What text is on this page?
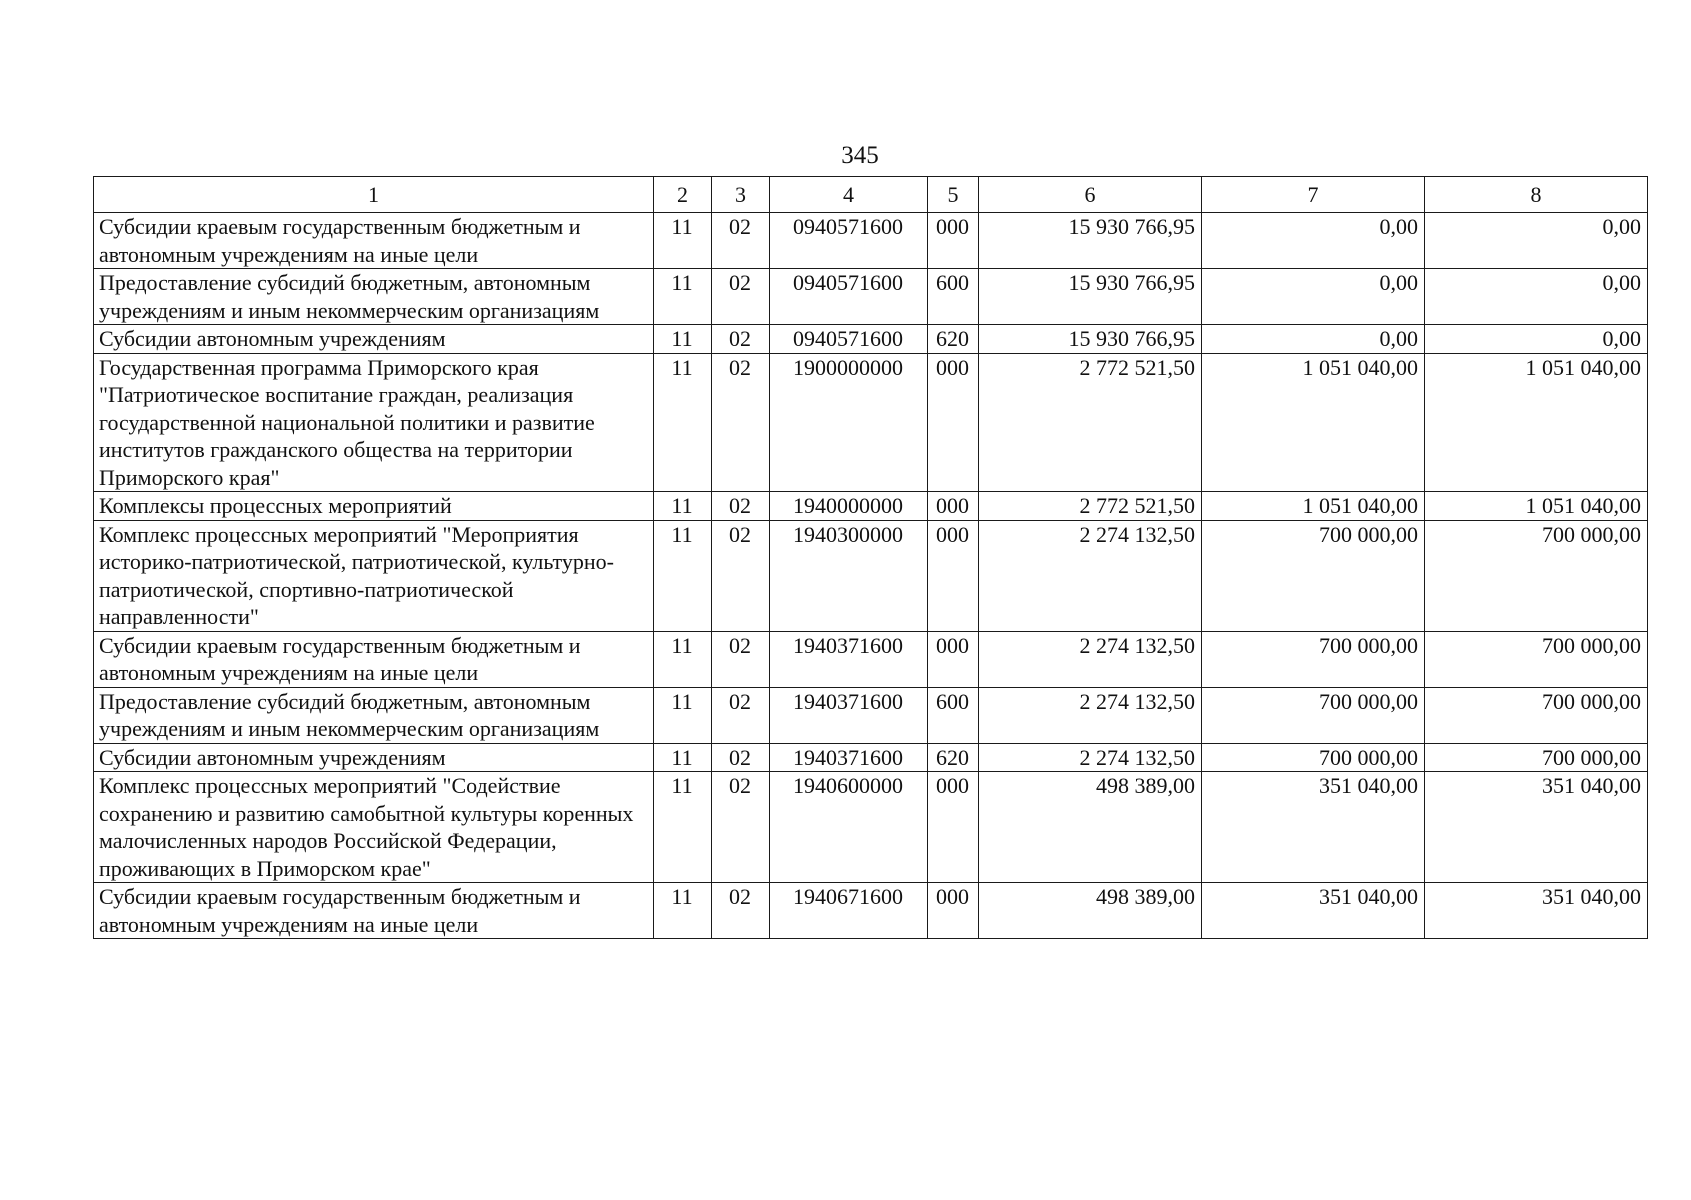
345
1	2	3	4	5	6	7	8
Субсидии краевым государственным бюджетным и автономным учреждениям на иные цели	11	02	0940571600	000	15 930 766,95	0,00	0,00
Предоставление субсидий бюджетным, автономным учреждениям и иным некоммерческим организациям	11	02	0940571600	600	15 930 766,95	0,00	0,00
Субсидии автономным учреждениям	11	02	0940571600	620	15 930 766,95	0,00	0,00
Государственная программа Приморского края "Патриотическое воспитание граждан, реализация государственной национальной политики и развитие институтов гражданского общества на территории Приморского края"	11	02	1900000000	000	2 772 521,50	1 051 040,00	1 051 040,00
Комплексы процессных мероприятий	11	02	1940000000	000	2 772 521,50	1 051 040,00	1 051 040,00
Комплекс процессных мероприятий "Мероприятия историко-патриотической, патриотической, культурно-патриотической, спортивно-патриотической направленности"	11	02	1940300000	000	2 274 132,50	700 000,00	700 000,00
Субсидии краевым государственным бюджетным и автономным учреждениям на иные цели	11	02	1940371600	000	2 274 132,50	700 000,00	700 000,00
Предоставление субсидий бюджетным, автономным учреждениям и иным некоммерческим организациям	11	02	1940371600	600	2 274 132,50	700 000,00	700 000,00
Субсидии автономным учреждениям	11	02	1940371600	620	2 274 132,50	700 000,00	700 000,00
Комплекс процессных мероприятий "Содействие сохранению и развитию самобытной культуры коренных малочисленных народов Российской Федерации, проживающих в Приморском крае"	11	02	1940600000	000	498 389,00	351 040,00	351 040,00
Субсидии краевым государственным бюджетным и автономным учреждениям на иные цели	11	02	1940671600	000	498 389,00	351 040,00	351 040,00
